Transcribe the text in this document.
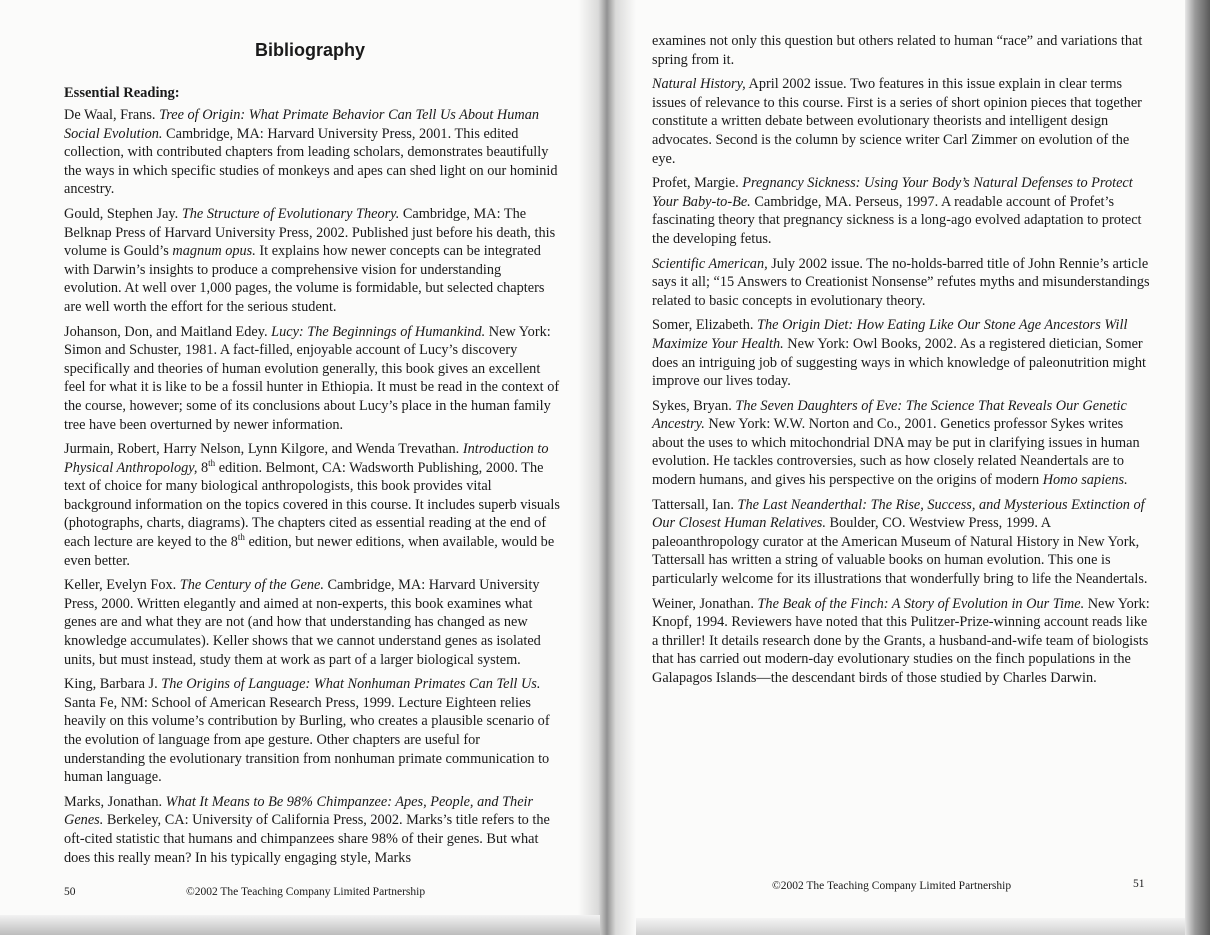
Bibliography
Essential Reading:

De Waal, Frans. Tree of Origin: What Primate Behavior Can Tell Us About Human Social Evolution. Cambridge, MA: Harvard University Press, 2001. This edited collection, with contributed chapters from leading scholars, demonstrates beautifully the ways in which specific studies of monkeys and apes can shed light on our hominid ancestry.

Gould, Stephen Jay. The Structure of Evolutionary Theory. Cambridge, MA: The Belknap Press of Harvard University Press, 2002. Published just before his death, this volume is Gould’s magnum opus. It explains how newer concepts can be integrated with Darwin’s insights to produce a comprehensive vision for understanding evolution. At well over 1,000 pages, the volume is formidable, but selected chapters are well worth the effort for the serious student.

Johanson, Don, and Maitland Edey. Lucy: The Beginnings of Humankind. New York: Simon and Schuster, 1981. A fact-filled, enjoyable account of Lucy’s discovery specifically and theories of human evolution generally, this book gives an excellent feel for what it is like to be a fossil hunter in Ethiopia. It must be read in the context of the course, however; some of its conclusions about Lucy’s place in the human family tree have been overturned by newer information.

Jurmain, Robert, Harry Nelson, Lynn Kilgore, and Wenda Trevathan. Introduction to Physical Anthropology, 8th edition. Belmont, CA: Wadsworth Publishing, 2000. The text of choice for many biological anthropologists, this book provides vital background information on the topics covered in this course. It includes superb visuals (photographs, charts, diagrams). The chapters cited as essential reading at the end of each lecture are keyed to the 8th edition, but newer editions, when available, would be even better.

Keller, Evelyn Fox. The Century of the Gene. Cambridge, MA: Harvard University Press, 2000. Written elegantly and aimed at non-experts, this book examines what genes are and what they are not (and how that understanding has changed as new knowledge accumulates). Keller shows that we cannot understand genes as isolated units, but must instead, study them at work as part of a larger biological system.

King, Barbara J. The Origins of Language: What Nonhuman Primates Can Tell Us. Santa Fe, NM: School of American Research Press, 1999. Lecture Eighteen relies heavily on this volume’s contribution by Burling, who creates a plausible scenario of the evolution of language from ape gesture. Other chapters are useful for understanding the evolutionary transition from nonhuman primate communication to human language.

Marks, Jonathan. What It Means to Be 98% Chimpanzee: Apes, People, and Their Genes. Berkeley, CA: University of California Press, 2002. Marks’s title refers to the oft-cited statistic that humans and chimpanzees share 98% of their genes. But what does this really mean? In his typically engaging style, Marks

examines not only this question but others related to human “race” and variations that spring from it.

Natural History, April 2002 issue. Two features in this issue explain in clear terms issues of relevance to this course. First is a series of short opinion pieces that together constitute a written debate between evolutionary theorists and intelligent design advocates. Second is the column by science writer Carl Zimmer on evolution of the eye.

Profet, Margie. Pregnancy Sickness: Using Your Body’s Natural Defenses to Protect Your Baby-to-Be. Cambridge, MA. Perseus, 1997. A readable account of Profet’s fascinating theory that pregnancy sickness is a long-ago evolved adaptation to protect the developing fetus.

Scientific American, July 2002 issue. The no-holds-barred title of John Rennie’s article says it all; “15 Answers to Creationist Nonsense” refutes myths and misunderstandings related to basic concepts in evolutionary theory.

Somer, Elizabeth. The Origin Diet: How Eating Like Our Stone Age Ancestors Will Maximize Your Health. New York: Owl Books, 2002. As a registered dietician, Somer does an intriguing job of suggesting ways in which knowledge of paleonutrition might improve our lives today.

Sykes, Bryan. The Seven Daughters of Eve: The Science That Reveals Our Genetic Ancestry. New York: W.W. Norton and Co., 2001. Genetics professor Sykes writes about the uses to which mitochondrial DNA may be put in clarifying issues in human evolution. He tackles controversies, such as how closely related Neandertals are to modern humans, and gives his perspective on the origins of modern Homo sapiens.

Tattersall, Ian. The Last Neanderthal: The Rise, Success, and Mysterious Extinction of Our Closest Human Relatives. Boulder, CO. Westview Press, 1999. A paleoanthropology curator at the American Museum of Natural History in New York, Tattersall has written a string of valuable books on human evolution. This one is particularly welcome for its illustrations that wonderfully bring to life the Neandertals.

Weiner, Jonathan. The Beak of the Finch: A Story of Evolution in Our Time. New York: Knopf, 1994. Reviewers have noted that this Pulitzer-Prize-winning account reads like a thriller! It details research done by the Grants, a husband-and-wife team of biologists that has carried out modern-day evolutionary studies on the finch populations in the Galapagos Islands—the descendant birds of those studied by Charles Darwin.

50	©2002 The Teaching Company Limited Partnership	©2002 The Teaching Company Limited Partnership	51
